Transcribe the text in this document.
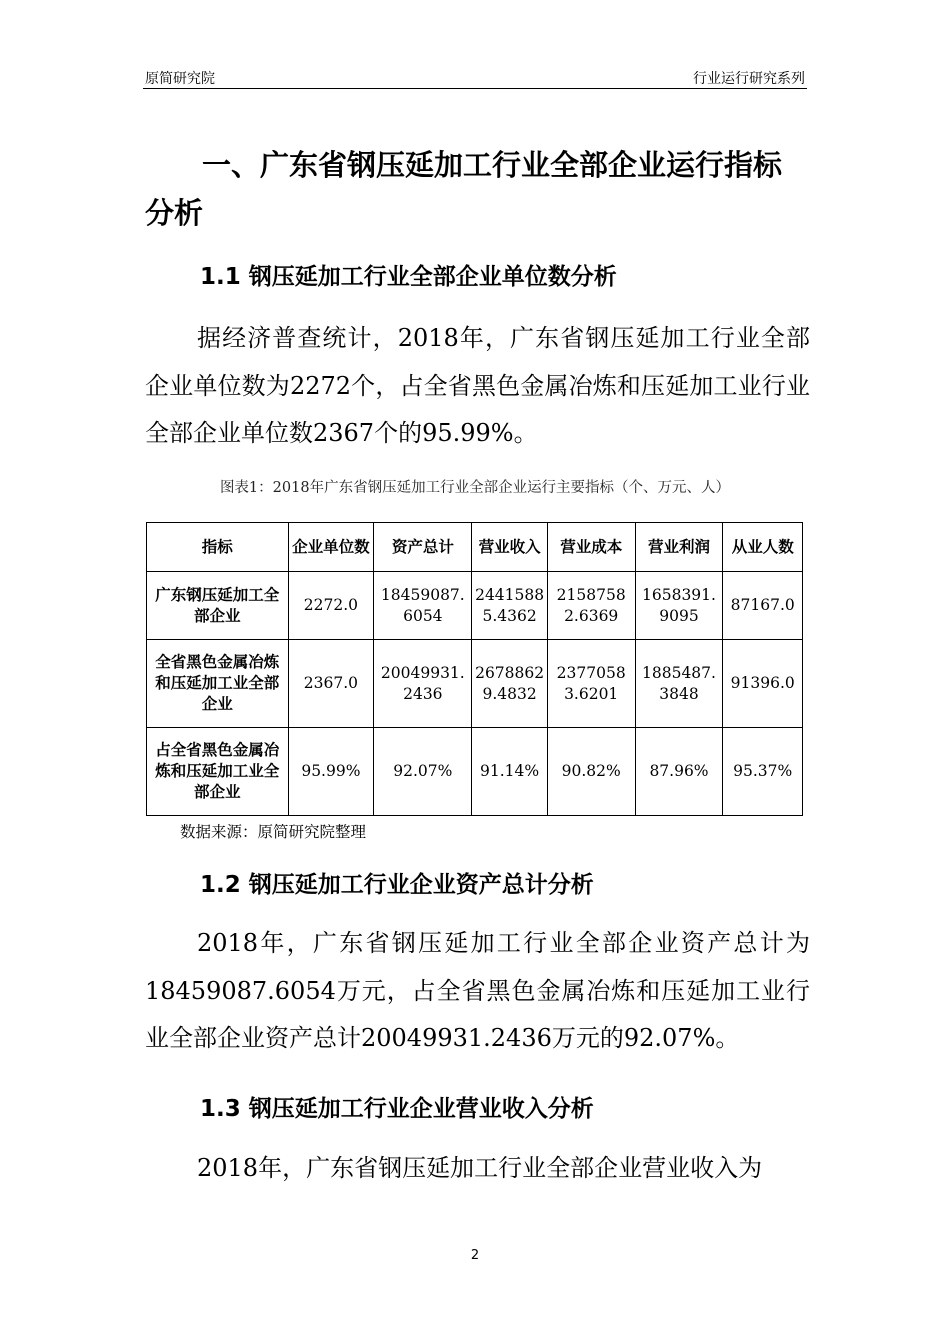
原简研究院	行业运行研究系列
一、广东省钢压延加工行业全部企业运行指标分析
1.1 钢压延加工行业全部企业单位数分析
据经济普查统计，2018年，广东省钢压延加工行业全部企业单位数为2272个，占全省黑色金属冶炼和压延加工业行业全部企业单位数2367个的95.99%。
图表1：2018年广东省钢压延加工行业全部企业运行主要指标（个、万元、人）
指标	企业单位数	资产总计	营业收入	营业成本	营业利润	从业人数
广东钢压延加工全部企业	2272.0	18459087.6054	24415885.4362	21587582.6369	1658391.9095	87167.0
全省黑色金属冶炼和压延加工业全部企业	2367.0	20049931.2436	26788629.4832	23770583.6201	1885487.3848	91396.0
占全省黑色金属冶炼和压延加工业全部企业	95.99%	92.07%	91.14%	90.82%	87.96%	95.37%
数据来源：原简研究院整理
1.2 钢压延加工行业企业资产总计分析
2018年，广东省钢压延加工行业全部企业资产总计为18459087.6054万元，占全省黑色金属冶炼和压延加工业行业全部企业资产总计20049931.2436万元的92.07%。
1.3 钢压延加工行业企业营业收入分析
2018年，广东省钢压延加工行业全部企业营业收入为
2
